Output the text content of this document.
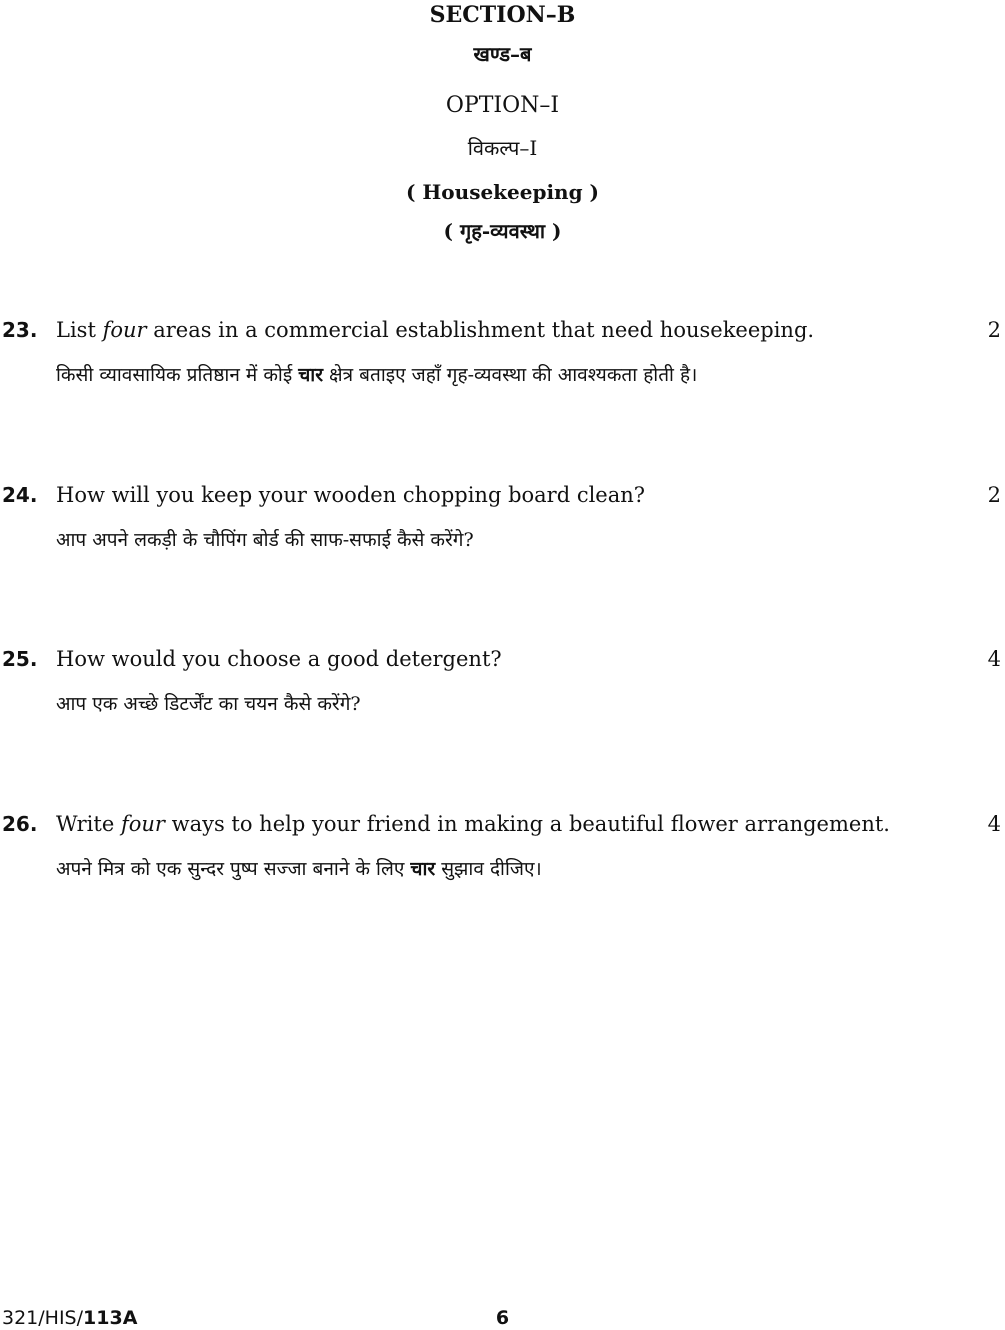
SECTION–B
खण्ड–ब
OPTION–I
विकल्प–I
( Housekeeping )
( गृह-व्यवस्था )
23. List four areas in a commercial establishment that need housekeeping.
किसी व्यावसायिक प्रतिष्ठान में कोई चार क्षेत्र बताइए जहाँ गृह-व्यवस्था की आवश्यकता होती है।
2
24. How will you keep your wooden chopping board clean?
आप अपने लकड़ी के चौपिंग बोर्ड की साफ-सफाई कैसे करेंगे?
2
25. How would you choose a good detergent?
आप एक अच्छे डिटर्जेंट का चयन कैसे करेंगे?
4
26. Write four ways to help your friend in making a beautiful flower arrangement.
अपने मित्र को एक सुन्दर पुष्प सज्जा बनाने के लिए चार सुझाव दीजिए।
4
321/HIS/113A	6
